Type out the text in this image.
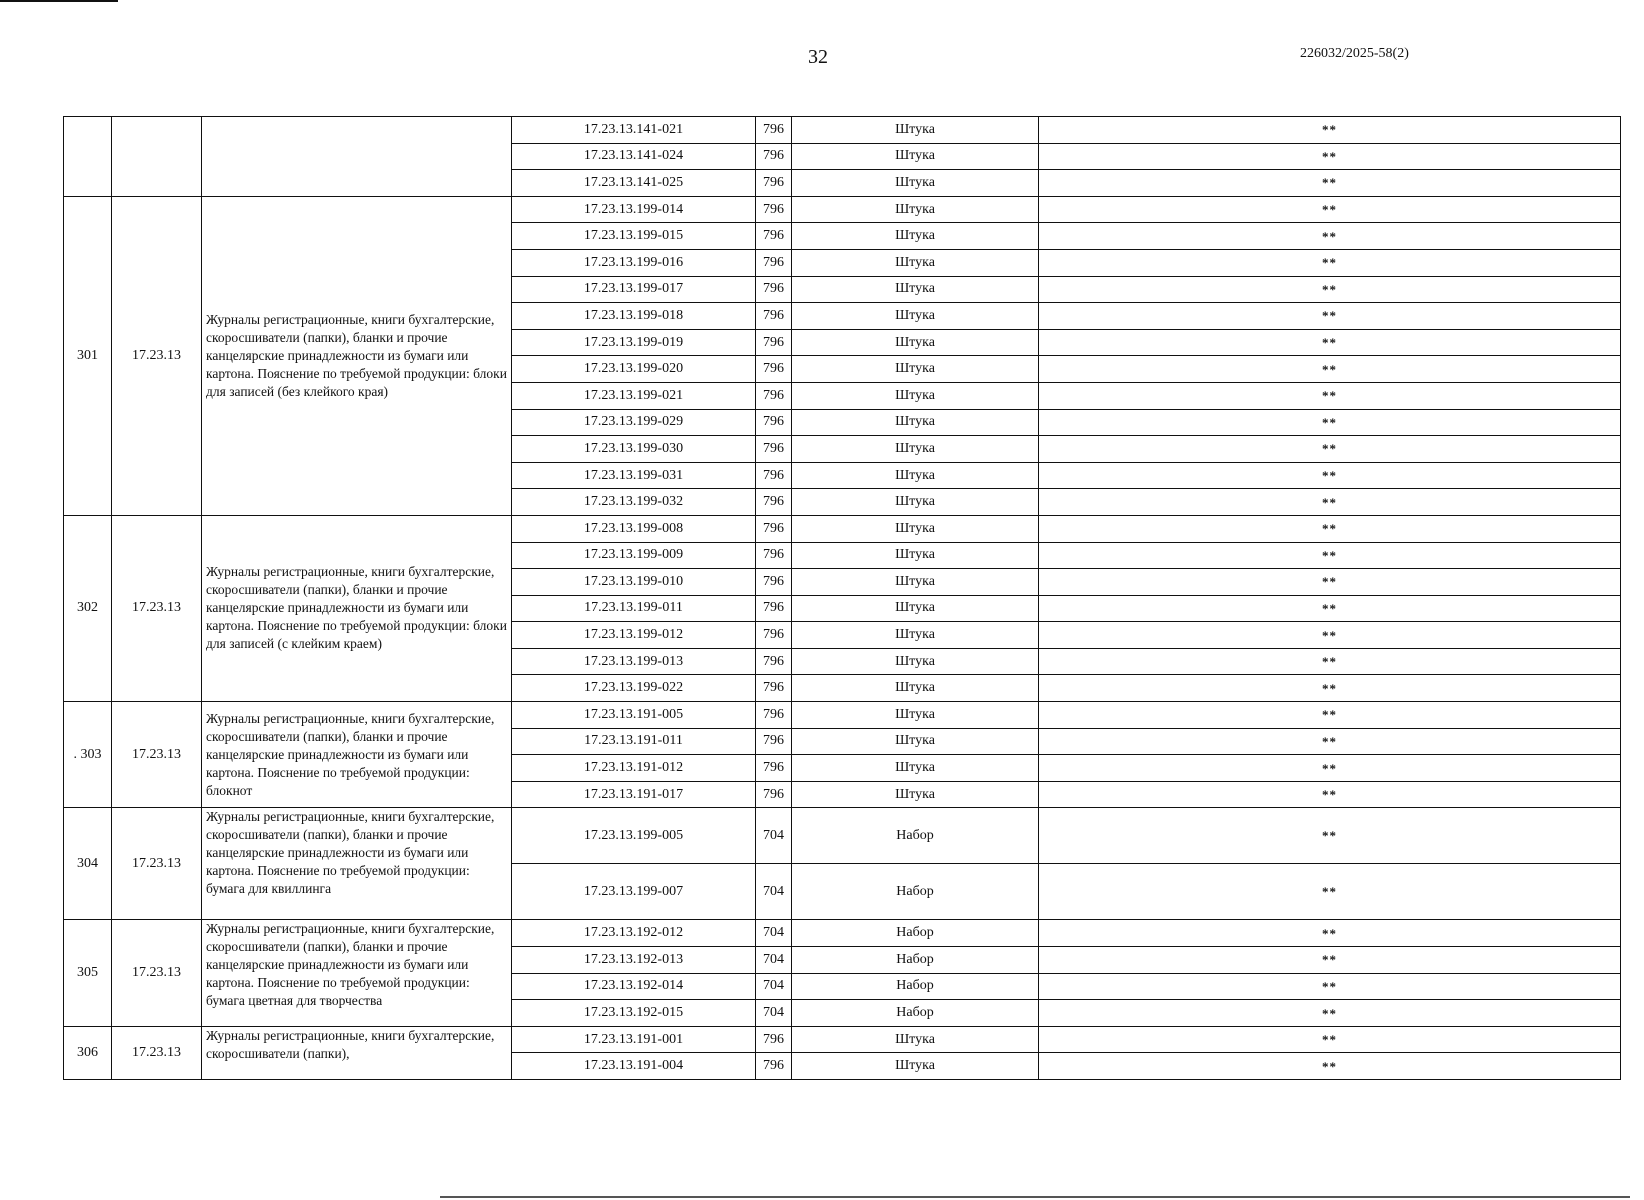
32	226032/2025-58(2)
			17.23.13.141-021	796	Штука	**
			17.23.13.141-024	796	Штука	**
			17.23.13.141-025	796	Штука	**
301	17.23.13	Журналы регистрационные, книги бухгалтерские, скоросшиватели (папки), бланки и прочие канцелярские принадлежности из бумаги или картона. Пояснение по требуемой продукции: блоки для записей (без клейкого края)	17.23.13.199-014	796	Штука	**
			17.23.13.199-015	796	Штука	**
			17.23.13.199-016	796	Штука	**
			17.23.13.199-017	796	Штука	**
			17.23.13.199-018	796	Штука	**
			17.23.13.199-019	796	Штука	**
			17.23.13.199-020	796	Штука	**
			17.23.13.199-021	796	Штука	**
			17.23.13.199-029	796	Штука	**
			17.23.13.199-030	796	Штука	**
			17.23.13.199-031	796	Штука	**
			17.23.13.199-032	796	Штука	**
302	17.23.13	Журналы регистрационные, книги бухгалтерские, скоросшиватели (папки), бланки и прочие канцелярские принадлежности из бумаги или картона. Пояснение по требуемой продукции: блоки для записей (с клейким краем)	17.23.13.199-008	796	Штука	**
			17.23.13.199-009	796	Штука	**
			17.23.13.199-010	796	Штука	**
			17.23.13.199-011	796	Штука	**
			17.23.13.199-012	796	Штука	**
			17.23.13.199-013	796	Штука	**
			17.23.13.199-022	796	Штука	**
. 303	17.23.13	Журналы регистрационные, книги бухгалтерские, скоросшиватели (папки), бланки и прочие канцелярские принадлежности из бумаги или картона. Пояснение по требуемой продукции: блокнот	17.23.13.191-005	796	Штука	**
			17.23.13.191-011	796	Штука	**
			17.23.13.191-012	796	Штука	**
			17.23.13.191-017	796	Штука	**
304	17.23.13	Журналы регистрационные, книги бухгалтерские, скоросшиватели (папки), бланки и прочие канцелярские принадлежности из бумаги или картона. Пояснение по требуемой продукции: бумага для квиллинга	17.23.13.199-005	704	Набор	**
			17.23.13.199-007	704	Набор	**
305	17.23.13	Журналы регистрационные, книги бухгалтерские, скоросшиватели (папки), бланки и прочие канцелярские принадлежности из бумаги или картона. Пояснение по требуемой продукции: бумага цветная для творчества	17.23.13.192-012	704	Набор	**
			17.23.13.192-013	704	Набор	**
			17.23.13.192-014	704	Набор	**
			17.23.13.192-015	704	Набор	**
306	17.23.13	Журналы регистрационные, книги бухгалтерские, скоросшиватели (папки),	17.23.13.191-001	796	Штука	**
			17.23.13.191-004	796	Штука	**
